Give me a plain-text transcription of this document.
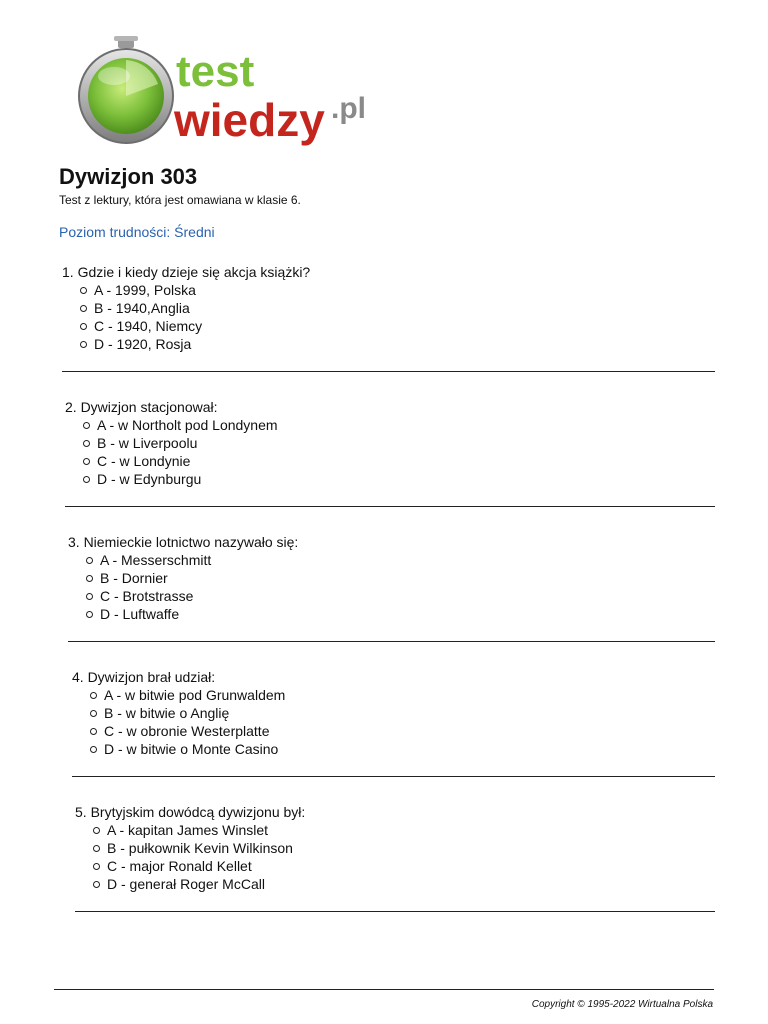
test
wiedzy .pl
Dywizjon 303
Test z lektury, która jest omawiana w klasie 6.
Poziom trudności: Średni
1. Gdzie i kiedy dzieje się akcja książki?
A - 1999, Polska
B - 1940,Anglia
C - 1940, Niemcy
D - 1920, Rosja
2. Dywizjon stacjonował:
A - w Northolt pod Londynem
B - w Liverpoolu
C - w Londynie
D - w Edynburgu
3. Niemieckie lotnictwo nazywało się:
A - Messerschmitt
B - Dornier
C - Brotstrasse
D - Luftwaffe
4. Dywizjon brał udział:
A - w bitwie pod Grunwaldem
B - w bitwie o Anglię
C - w obronie Westerplatte
D - w bitwie o Monte Casino
5. Brytyjskim dowódcą dywizjonu był:
A - kapitan James Winslet
B - pułkownik Kevin Wilkinson
C - major Ronald Kellet
D - generał Roger McCall
Copyright © 1995-2022 Wirtualna Polska
